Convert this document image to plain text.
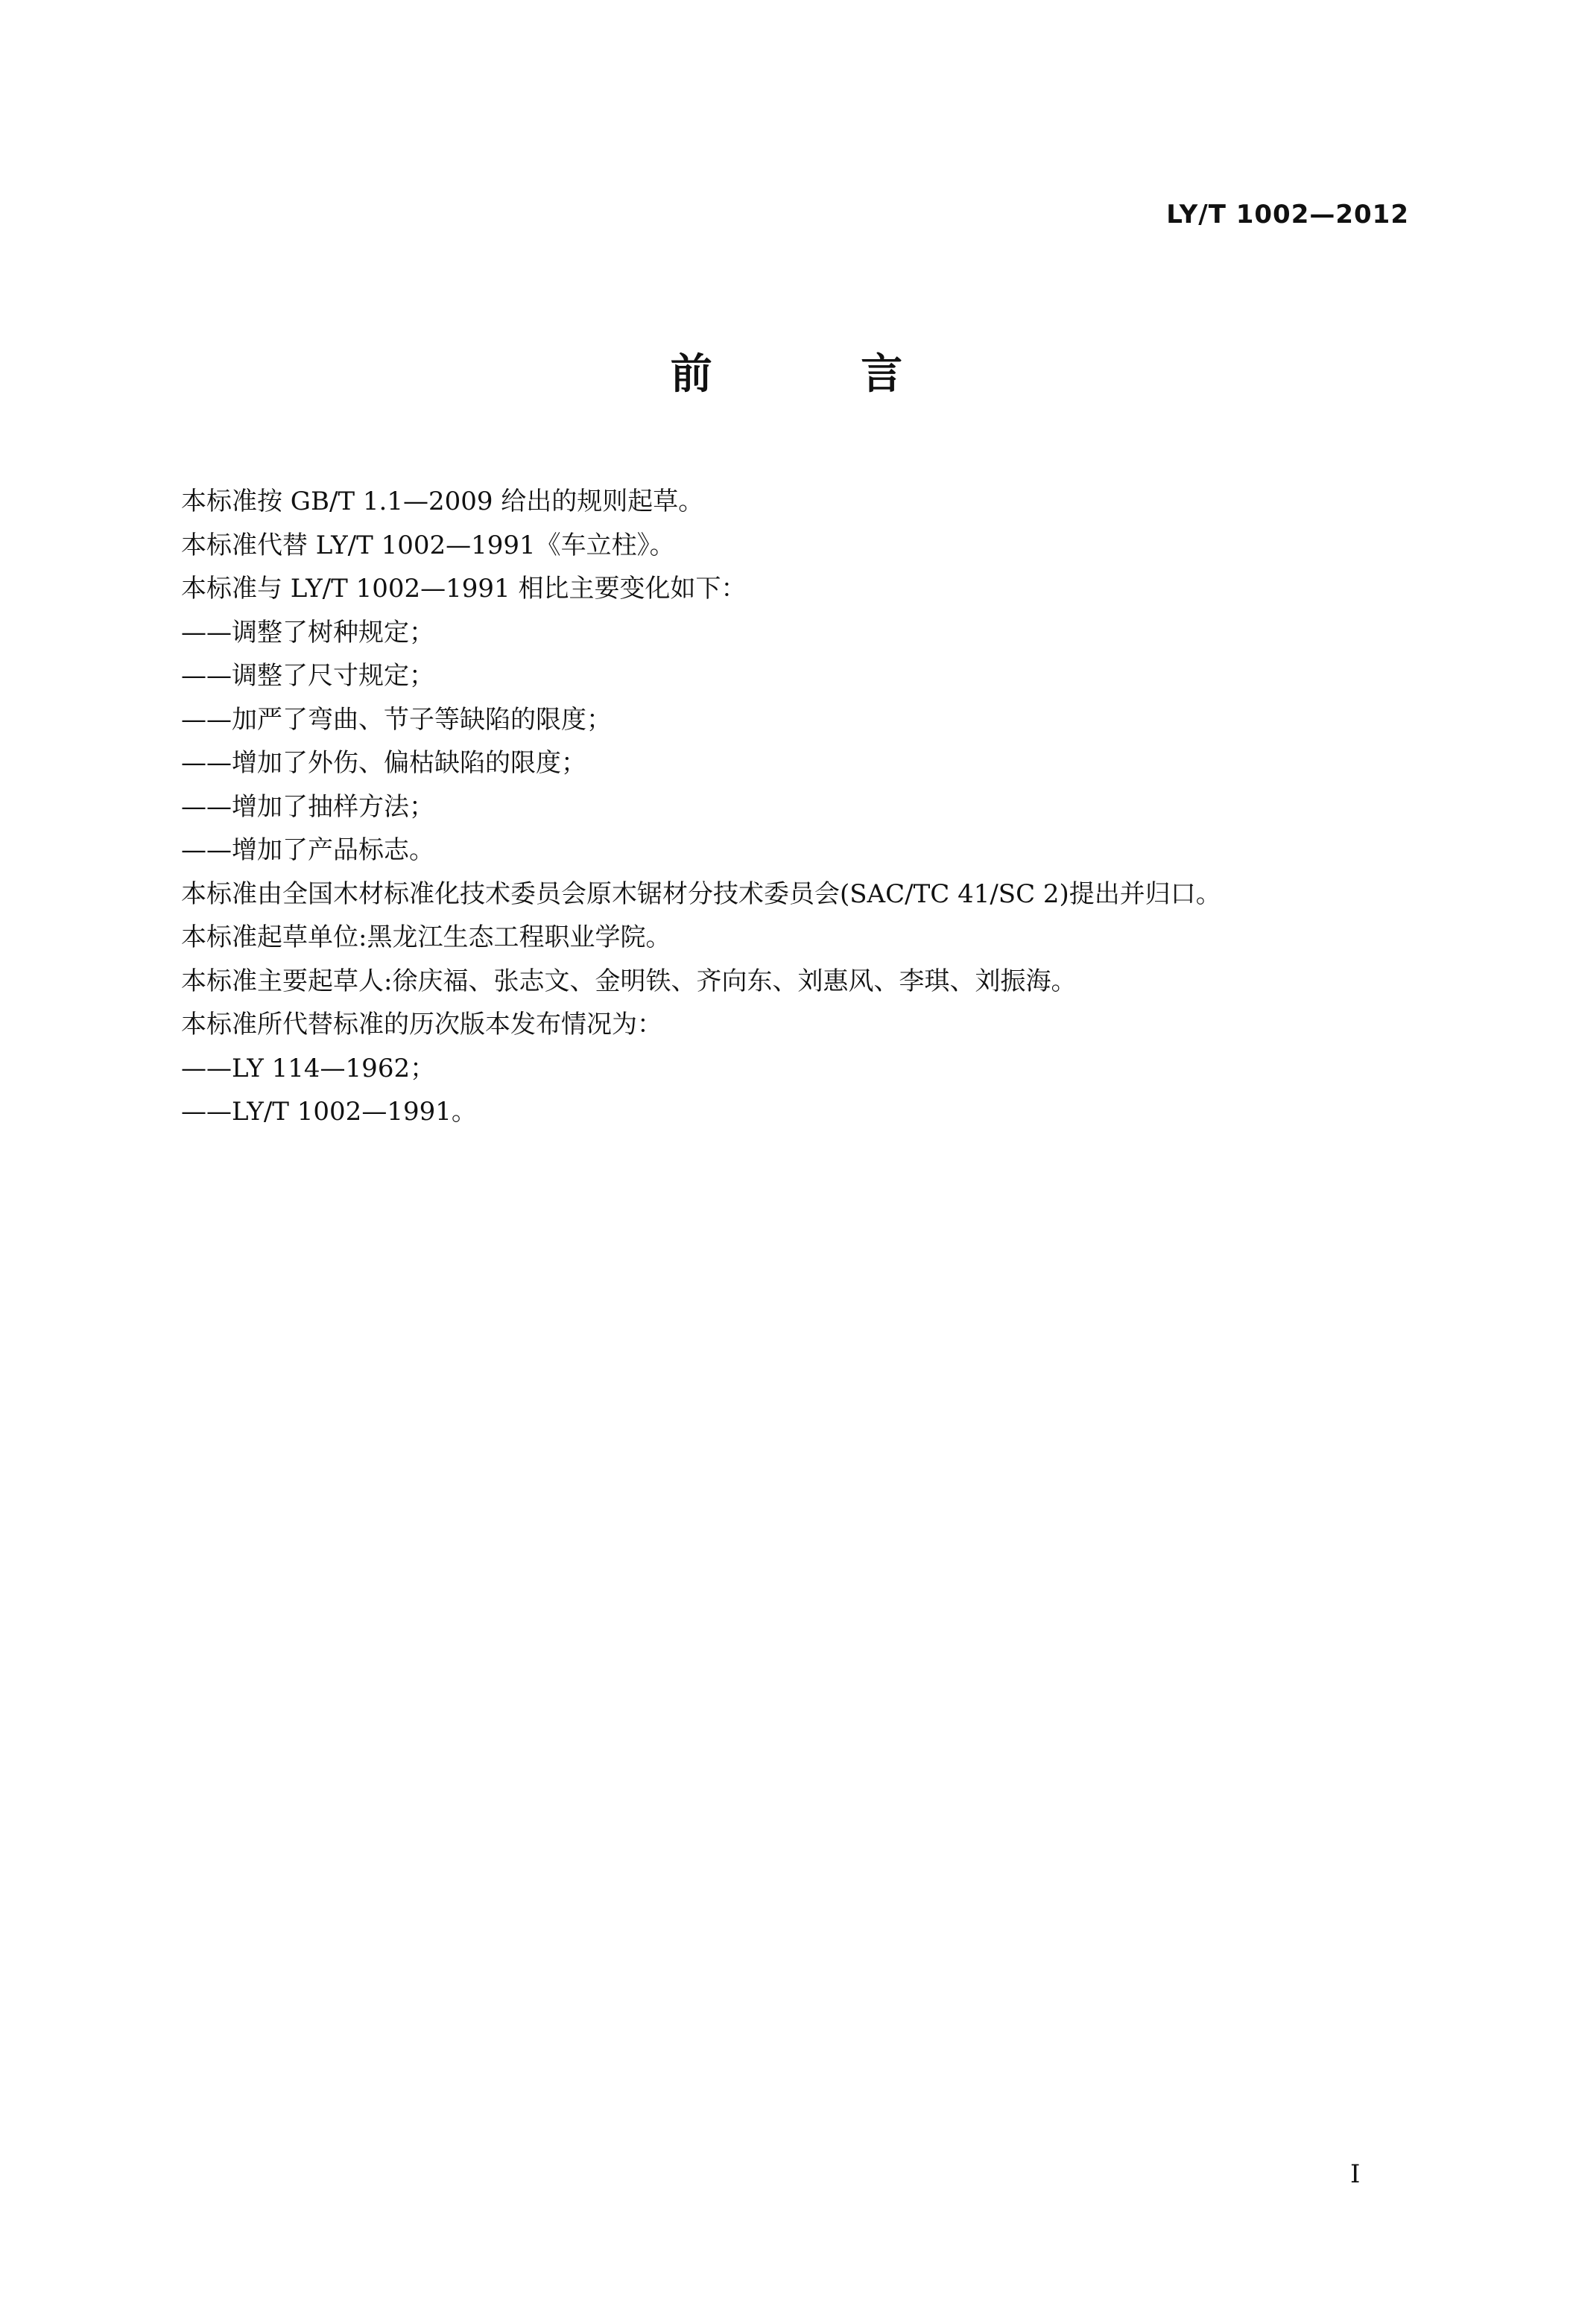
LY/T 1002—2012
前 言
本标准按 GB/T 1.1—2009 给出的规则起草。
本标准代替 LY/T 1002—1991《车立柱》。
本标准与 LY/T 1002—1991 相比主要变化如下：
——调整了树种规定；
——调整了尺寸规定；
——加严了弯曲、节子等缺陷的限度；
——增加了外伤、偏枯缺陷的限度；
——增加了抽样方法；
——增加了产品标志。
本标准由全国木材标准化技术委员会原木锯材分技术委员会(SAC/TC 41/SC 2)提出并归口。
本标准起草单位:黑龙江生态工程职业学院。
本标准主要起草人:徐庆福、张志文、金明铁、齐向东、刘惠风、李琪、刘振海。
本标准所代替标准的历次版本发布情况为：
——LY 114—1962；
——LY/T 1002—1991。
I
